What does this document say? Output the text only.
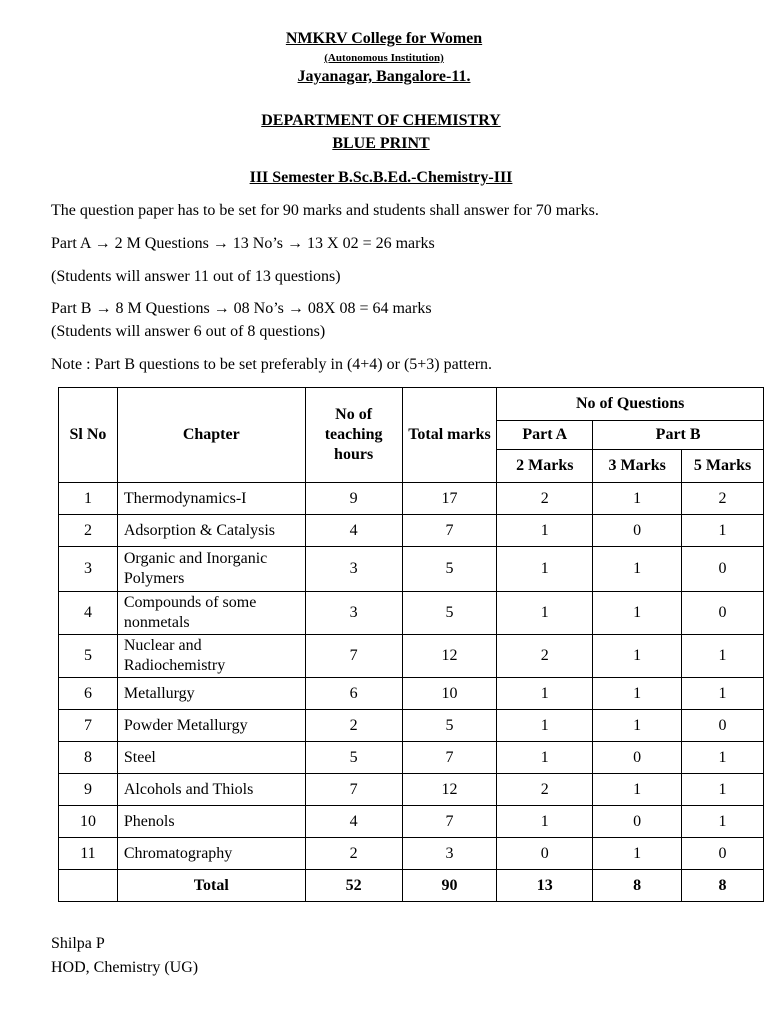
NMKRV College for Women
(Autonomous Institution)
Jayanagar, Bangalore-11.
DEPARTMENT OF CHEMISTRY
BLUE PRINT
III Semester B.Sc.B.Ed.-Chemistry-III
The question paper has to be set for 90 marks and students shall answer for 70 marks.
Part A → 2 M Questions → 13 No’s → 13 X 02 = 26 marks
(Students will answer 11 out of 13 questions)
Part B → 8 M Questions → 08 No’s → 08X 08 = 64 marks
(Students will answer 6 out of 8 questions)
Note : Part B questions to be set preferably in (4+4) or (5+3) pattern.
Sl No	Chapter	No of teaching hours	Total marks	No of Questions		
				Part A	Part B	
				2 Marks	3 Marks	5 Marks
1	Thermodynamics-I	9	17	2	1	2
2	Adsorption & Catalysis	4	7	1	0	1
3	Organic and Inorganic Polymers	3	5	1	1	0
4	Compounds of some nonmetals	3	5	1	1	0
5	Nuclear and Radiochemistry	7	12	2	1	1
6	Metallurgy	6	10	1	1	1
7	Powder Metallurgy	2	5	1	1	0
8	Steel	5	7	1	0	1
9	Alcohols and Thiols	7	12	2	1	1
10	Phenols	4	7	1	0	1
11	Chromatography	2	3	0	1	0
	Total	52	90	13	8	8
Shilpa P
HOD, Chemistry (UG)
